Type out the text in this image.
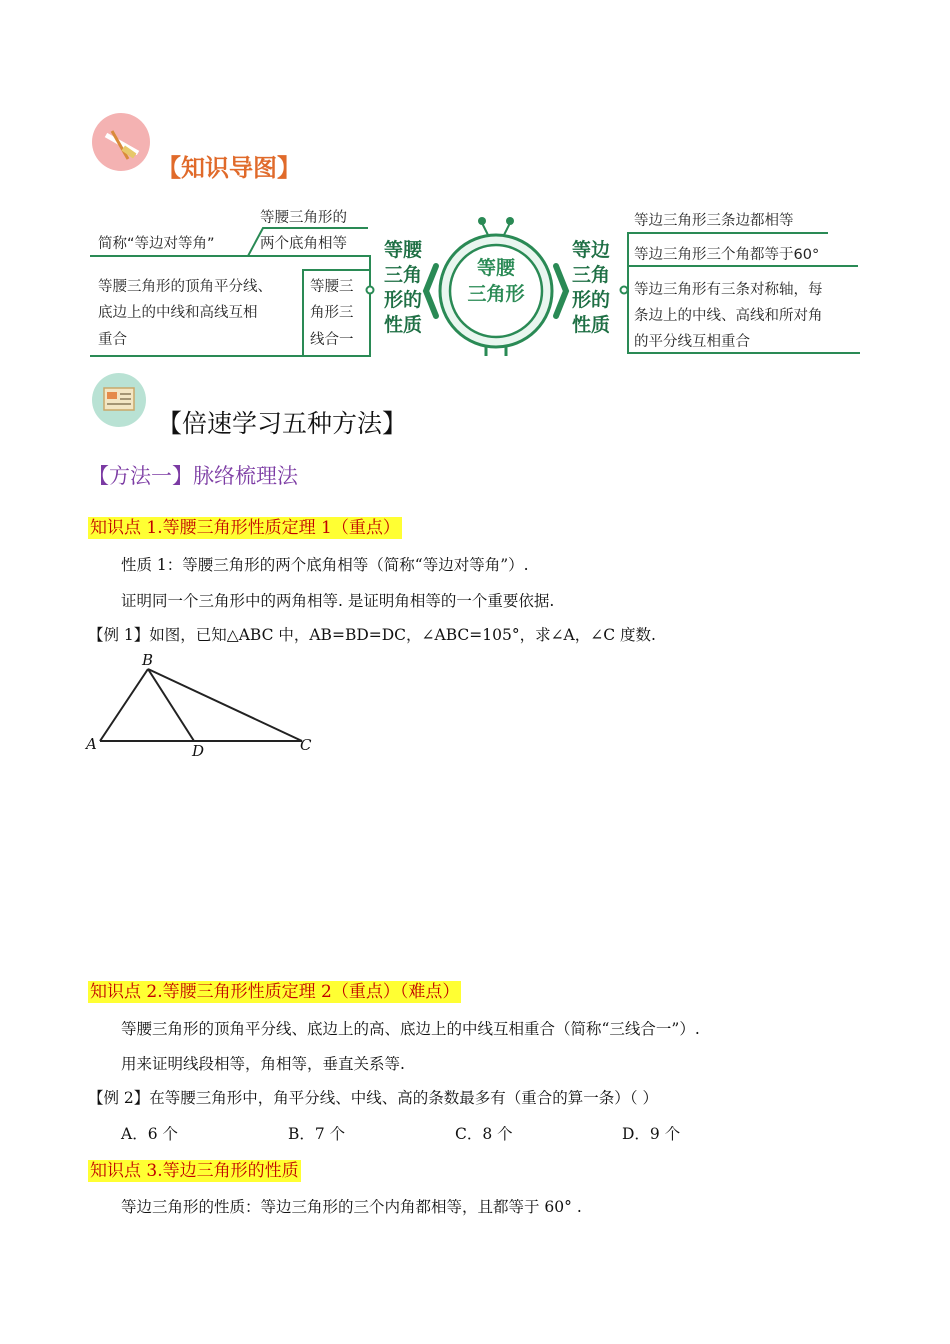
【知识导图】
简称“等边对等角”
等腰三角形的
两个底角相等
等腰三角形的顶角平分线、
底边上的中线和高线互相
重合
等腰三
角形三
线合一
等腰
三角
形的
性质
等腰
三角形
等边
三角
形的
性质
等边三角形三条边都相等
等边三角形三个角都等于60°
等边三角形有三条对称轴，每
条边上的中线、高线和所对角
的平分线互相重合
【倍速学习五种方法】
【方法一】脉络梳理法
知识点 1.等腰三角形性质定理 1（重点）
性质 1：等腰三角形的两个底角相等（简称“等边对等角”）.
证明同一个三角形中的两角相等. 是证明角相等的一个重要依据.
【例 1】如图，已知△ABC 中，AB=BD=DC，∠ABC=105°，求∠A，∠C 度数.
B
A	D	C
知识点 2.等腰三角形性质定理 2（重点）（难点）
等腰三角形的顶角平分线、底边上的高、底边上的中线互相重合（简称“三线合一”）.
用来证明线段相等，角相等，垂直关系等.
【例 2】在等腰三角形中，角平分线、中线、高的条数最多有（重合的算一条）（ ）
A．6 个	B．7 个	C．8 个	D．9 个
知识点 3.等边三角形的性质
等边三角形的性质：等边三角形的三个内角都相等，且都等于 60° .
